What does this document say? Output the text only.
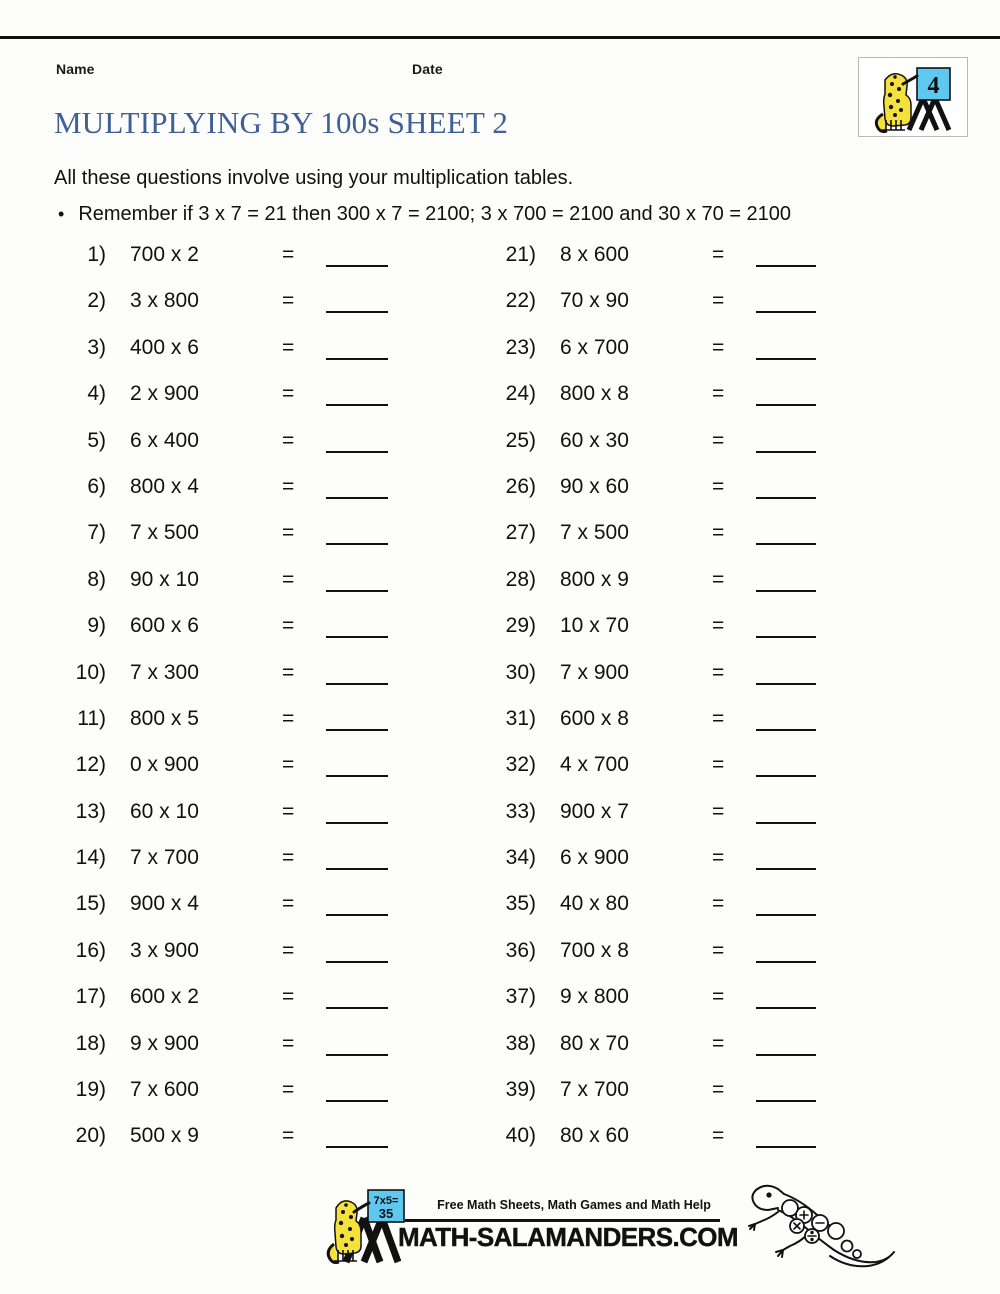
Name	Date
4
MULTIPLYING BY 100s SHEET 2
All these questions involve using your multiplication tables.
• Remember if 3 x 7 = 21 then 300 x 7 = 2100; 3 x 700 = 2100 and 30 x 70 = 2100
1)	700 x 2	=
2)	3 x 800	=
3)	400 x 6	=
4)	2 x 900	=
5)	6 x 400	=
6)	800 x 4	=
7)	7 x 500	=
8)	90 x 10	=
9)	600 x 6	=
10)	7 x 300	=
11)	800 x 5	=
12)	0 x 900	=
13)	60 x 10	=
14)	7 x 700	=
15)	900 x 4	=
16)	3 x 900	=
17)	600 x 2	=
18)	9 x 900	=
19)	7 x 600	=
20)	500 x 9	=
21)	8 x 600	=
22)	70 x 90	=
23)	6 x 700	=
24)	800 x 8	=
25)	60 x 30	=
26)	90 x 60	=
27)	7 x 500	=
28)	800 x 9	=
29)	10 x 70	=
30)	7 x 900	=
31)	600 x 8	=
32)	4 x 700	=
33)	900 x 7	=
34)	6 x 900	=
35)	40 x 80	=
36)	700 x 8	=
37)	9 x 800	=
38)	80 x 70	=
39)	7 x 700	=
40)	80 x 60	=
7x5=
35
Free Math Sheets, Math Games and Math Help
MATH-SALAMANDERS.COM
